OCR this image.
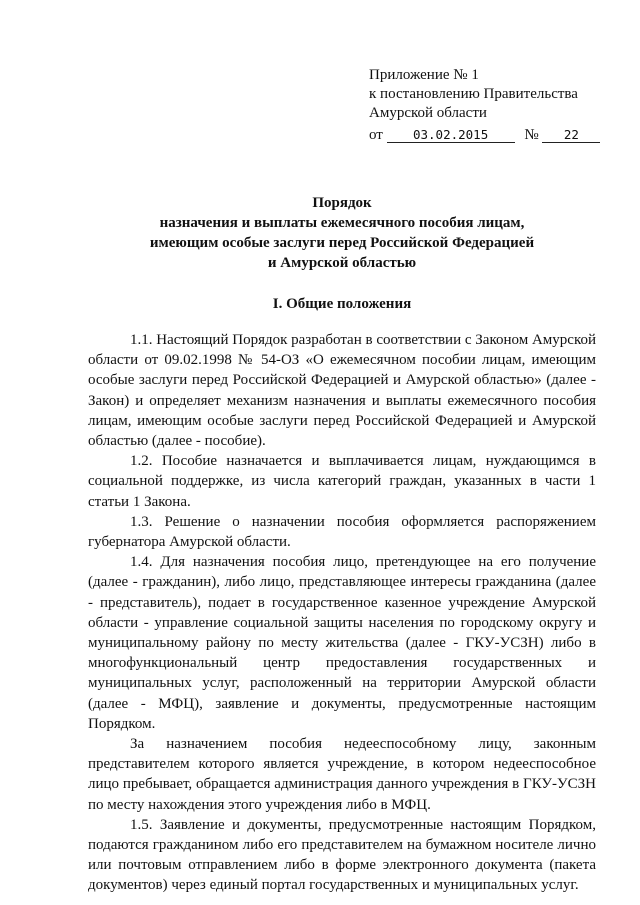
Приложение № 1
к постановлению Правительства
Амурской области
от 03.02.2015 № 22
Порядок
назначения и выплаты ежемесячного пособия лицам,
имеющим особые заслуги перед Российской Федерацией
и Амурской областью
I. Общие положения

1.1. Настоящий Порядок разработан в соответствии с Законом Амурской области от 09.02.1998 № 54-ОЗ «О ежемесячном пособии лицам, имеющим особые заслуги перед Российской Федерацией и Амурской областью» (далее - Закон) и определяет механизм назначения и выплаты ежемесячного пособия лицам, имеющим особые заслуги перед Российской Федерацией и Амурской областью (далее - пособие).

1.2. Пособие назначается и выплачивается лицам, нуждающимся в социальной поддержке, из числа категорий граждан, указанных в части 1 статьи 1 Закона.

1.3. Решение о назначении пособия оформляется распоряжением губернатора Амурской области.

1.4. Для назначения пособия лицо, претендующее на его получение (далее - гражданин), либо лицо, представляющее интересы гражданина (далее - представитель), подает в государственное казенное учреждение Амурской области - управление социальной защиты населения по городскому округу и муниципальному району по месту жительства (далее - ГКУ-УСЗН) либо в многофункциональный центр предоставления государственных и муниципальных услуг, расположенный на территории Амурской области (далее - МФЦ), заявление и документы, предусмотренные настоящим Порядком.

За назначением пособия недееспособному лицу, законным представителем которого является учреждение, в котором недееспособное лицо пребывает, обращается администрация данного учреждения в ГКУ-УСЗН по месту нахождения этого учреждения либо в МФЦ.

1.5. Заявление и документы, предусмотренные настоящим Порядком, подаются гражданином либо его представителем на бумажном носителе лично или почтовым отправлением либо в форме электронного документа (пакета документов) через единый портал государственных и муниципальных услуг.
